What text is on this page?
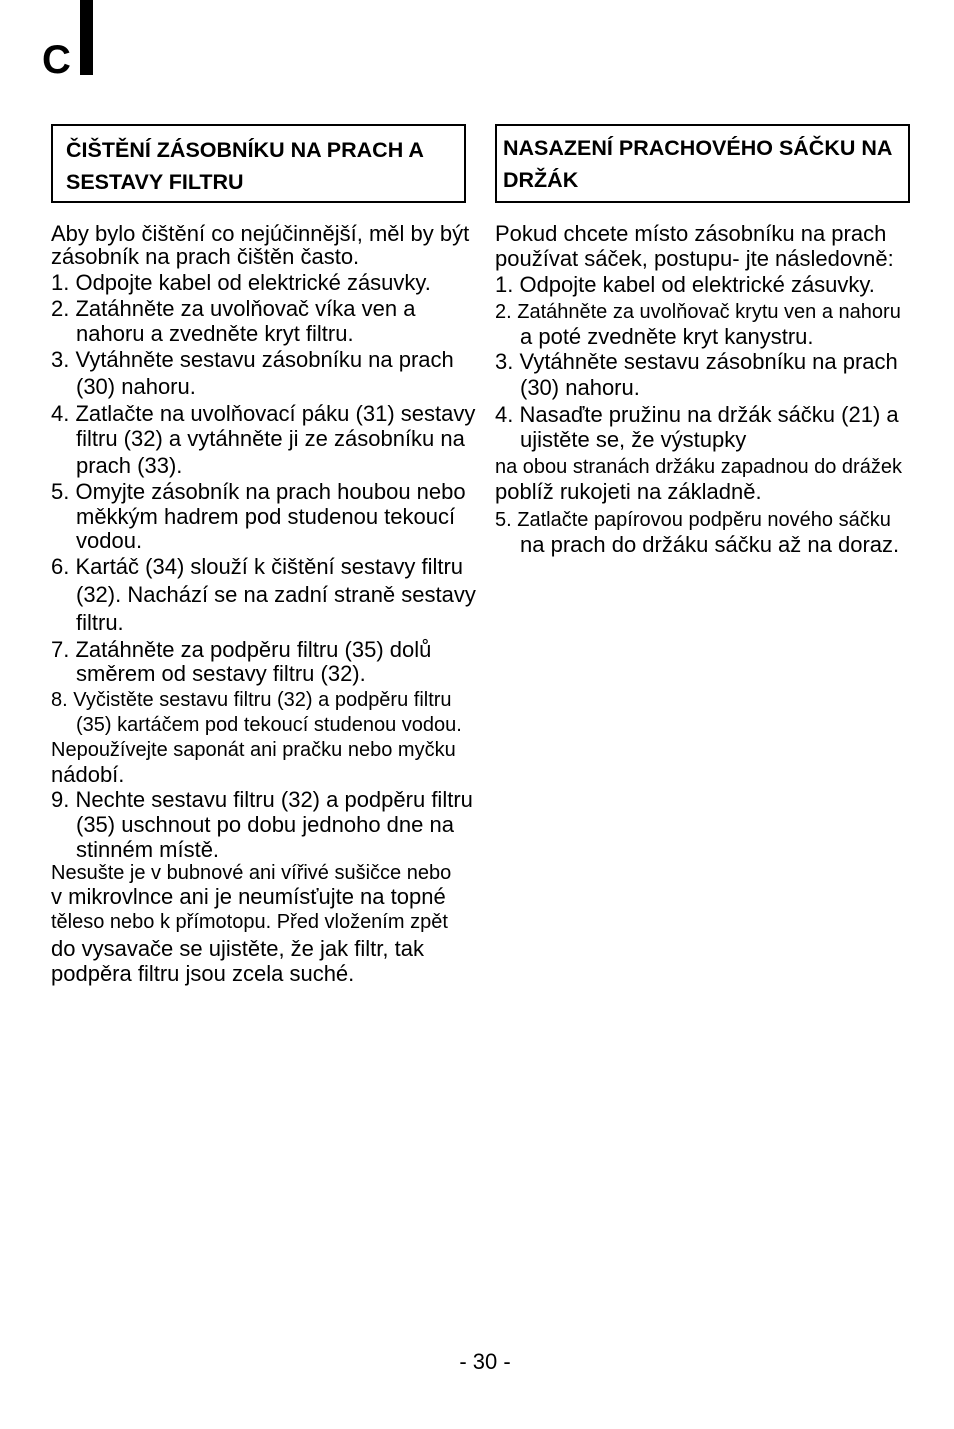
C
ČIŠTĚNÍ ZÁSOBNÍKU NA PRACH A
SESTAVY FILTRU
Aby bylo čištění co nejúčinnější, měl by být
zásobník na prach čištěn často.
1. Odpojte kabel od elektrické zásuvky.
2. Zatáhněte za uvolňovač víka ven a
nahoru a zvedněte kryt filtru.
3. Vytáhněte sestavu zásobníku na prach
(30) nahoru.
4. Zatlačte na uvolňovací páku (31) sestavy
filtru (32) a vytáhněte ji ze zásobníku na
prach (33).
5. Omyjte zásobník na prach houbou nebo
měkkým hadrem pod studenou tekoucí
vodou.
6. Kartáč (34) slouží k čištění sestavy filtru
(32). Nachází se na zadní straně sestavy
filtru.
7. Zatáhněte za podpěru filtru (35) dolů
směrem od sestavy filtru (32).
8. Vyčistěte sestavu filtru (32) a podpěru filtru
(35) kartáčem pod tekoucí studenou vodou.
Nepoužívejte saponát ani pračku nebo myčku
nádobí.
9. Nechte sestavu filtru (32) a podpěru filtru
(35) uschnout po dobu jednoho dne na
stinném místě.
Nesušte je v bubnové ani vířivé sušičce nebo
v mikrovlnce ani je neumísťujte na topné
těleso nebo k přímotopu. Před vložením zpět
do vysavače se ujistěte, že jak filtr, tak
podpěra filtru jsou zcela suché.
NASAZENÍ PRACHOVÉHO SÁČKU NA
DRŽÁK
Pokud chcete místo zásobníku na prach
používat sáček, postupu- jte následovně:
1. Odpojte kabel od elektrické zásuvky.
2. Zatáhněte za uvolňovač krytu ven a nahoru
a poté zvedněte kryt kanystru.
3. Vytáhněte sestavu zásobníku na prach
(30) nahoru.
4. Nasaďte pružinu na držák sáčku (21) a
ujistěte se, že výstupky
na obou stranách držáku zapadnou do drážek
poblíž rukojeti na základně.
5. Zatlačte papírovou podpěru nového sáčku
na prach do držáku sáčku až na doraz.
- 30 -
